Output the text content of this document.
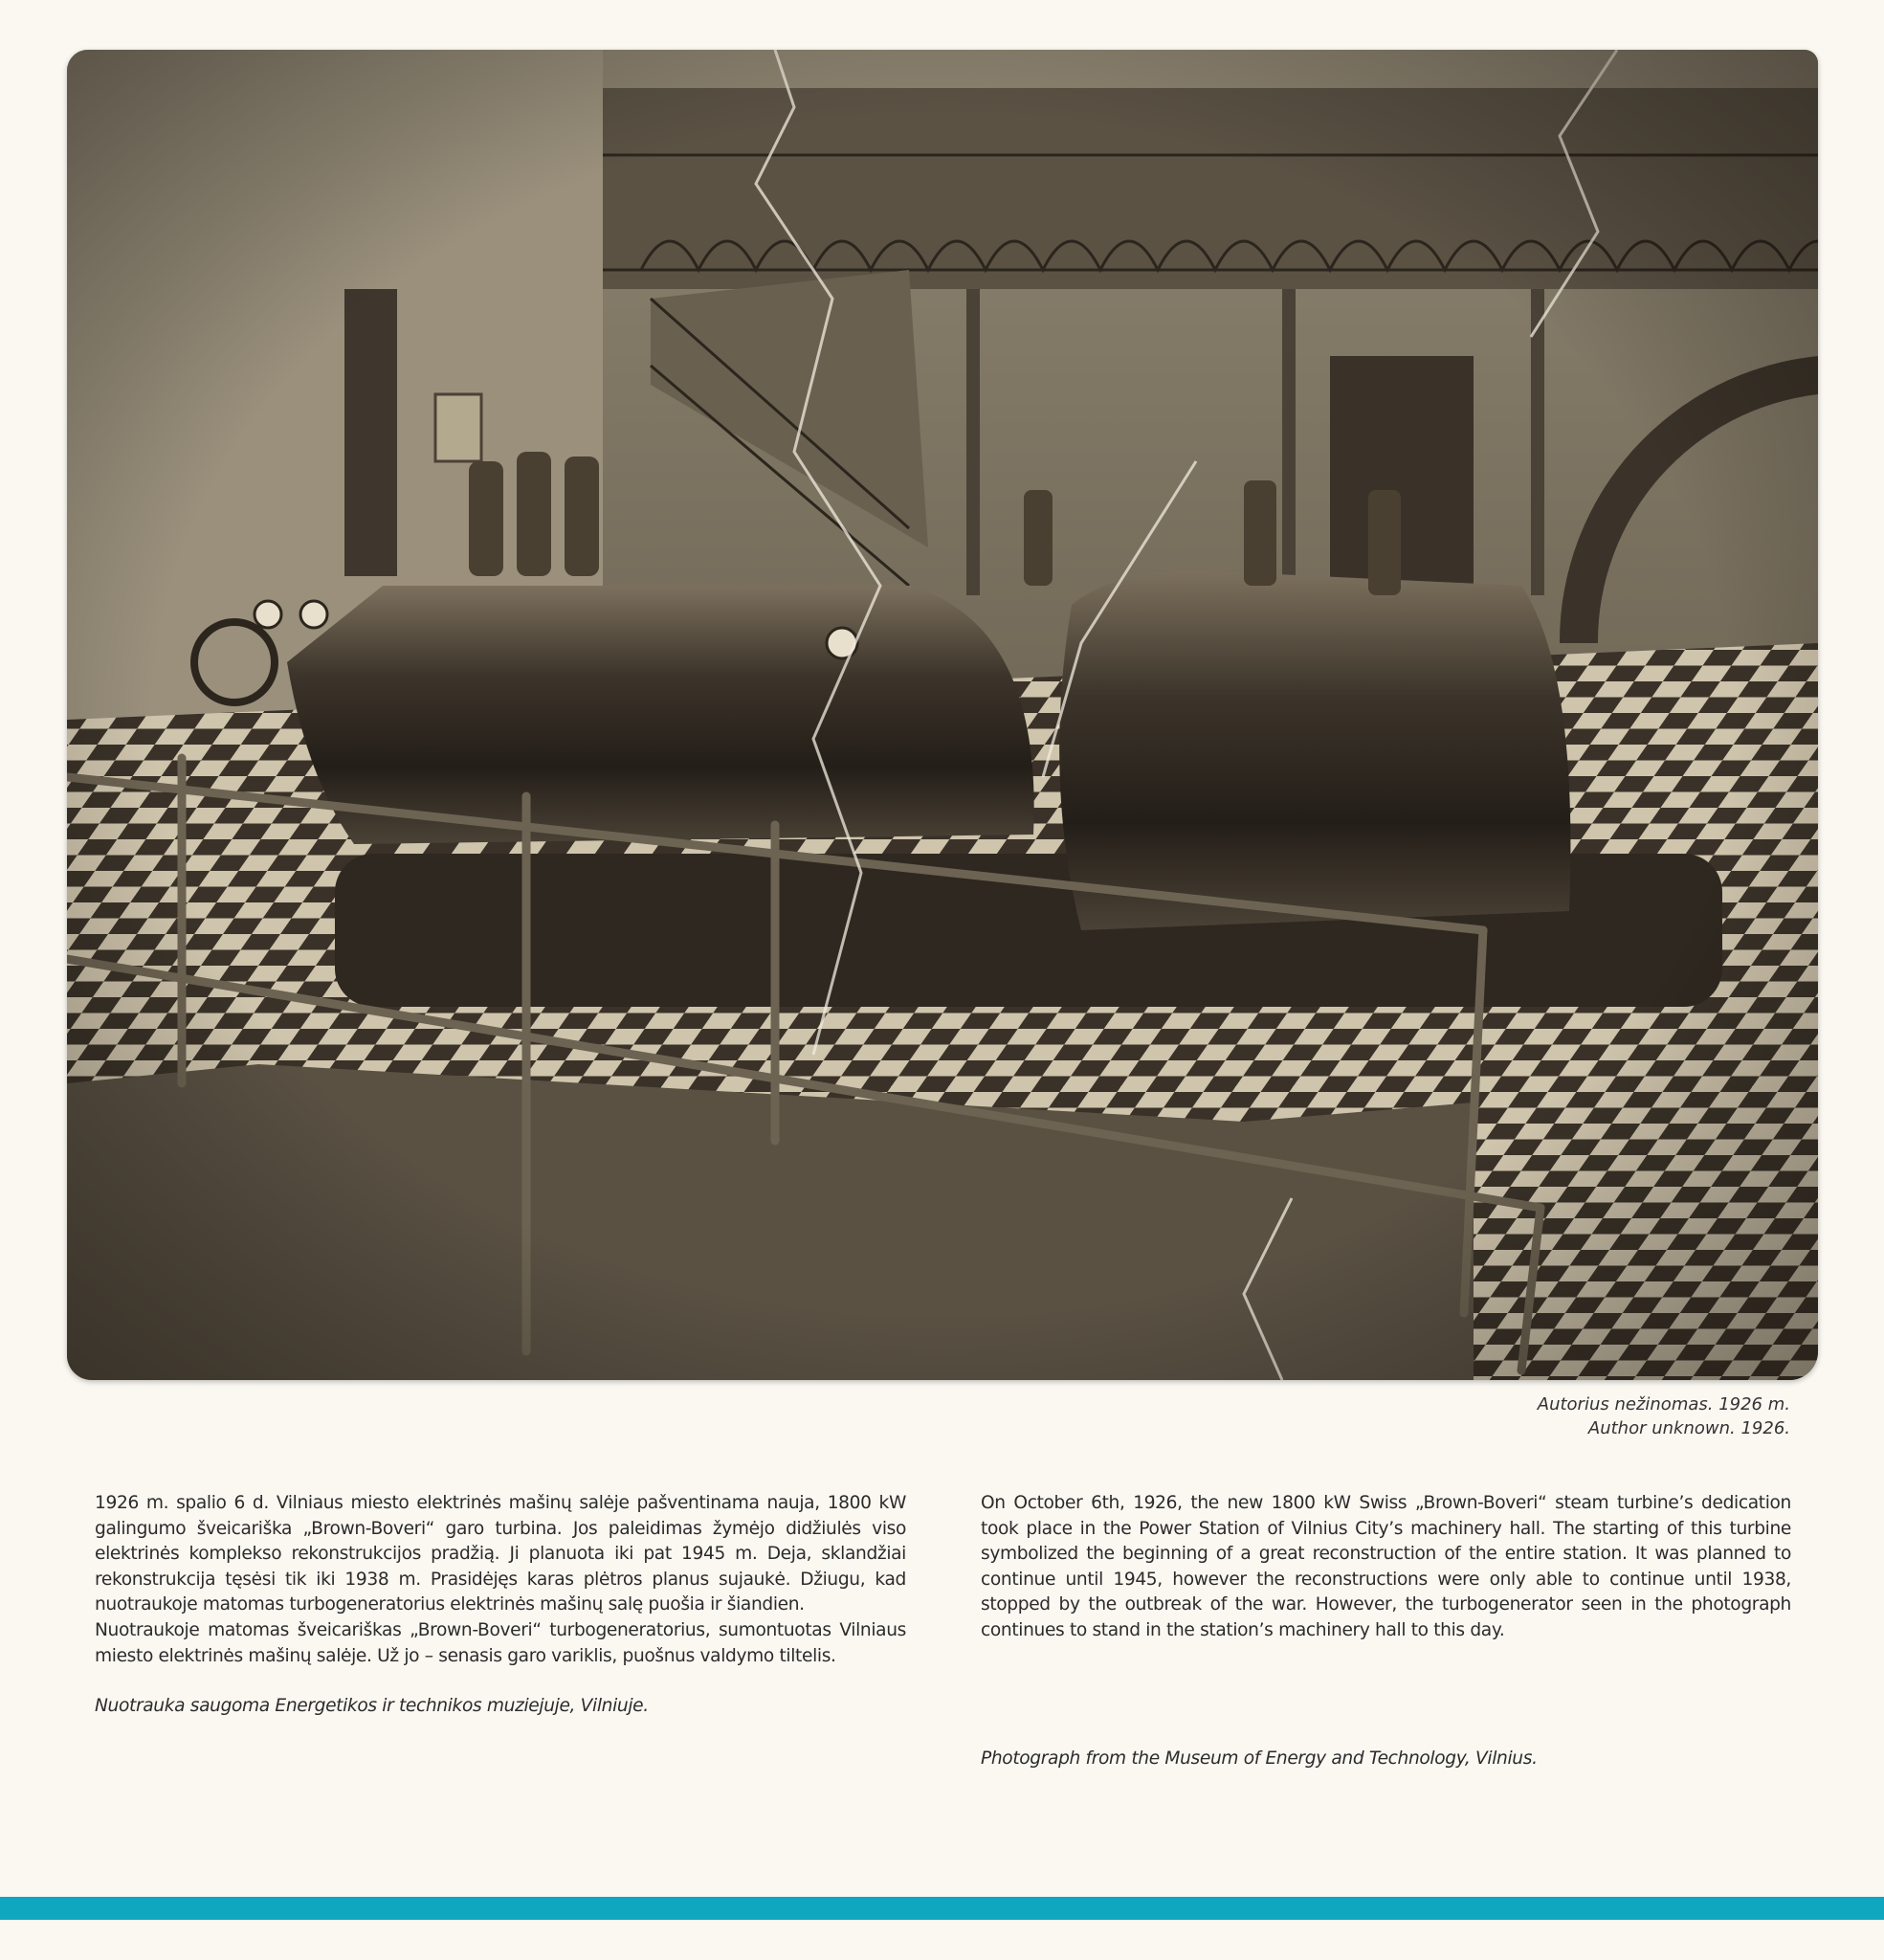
Autorius nežinomas. 1926 m.
Author unknown. 1926.

1926 m. spalio 6 d. Vilniaus miesto elektrinės mašinų salėje pašventinama nauja, 1800 kW galingumo šveicariška „Brown-Boveri“ garo turbina. Jos paleidimas žymėjo didžiulės viso elektrinės komplekso rekonstrukcijos pradžią. Ji planuota iki pat 1945 m. Deja, sklandžiai rekonstrukcija tęsėsi tik iki 1938 m. Prasidėjęs karas plėtros planus sujaukė. Džiugu, kad nuotraukoje matomas turbogeneratorius elektrinės mašinų salę puošia ir šiandien.

Nuotraukoje matomas šveicariškas „Brown-Boveri“ turbogeneratorius, sumontuotas Vilniaus miesto elektrinės mašinų salėje. Už jo – senasis garo variklis, puošnus valdymo tiltelis.

Nuotrauka saugoma Energetikos ir technikos muziejuje, Vilniuje.

On October 6th, 1926, the new 1800 kW Swiss „Brown-Boveri“ steam turbine’s dedication took place in the Power Station of Vilnius City’s machinery hall. The starting of this turbine symbolized the beginning of a great reconstruction of the entire station. It was planned to continue until 1945, however the reconstructions were only able to continue until 1938, stopped by the outbreak of the war. However, the turbogenerator seen in the photograph continues to stand in the station’s machinery hall to this day.

Photograph from the Museum of Energy and Technology, Vilnius.
